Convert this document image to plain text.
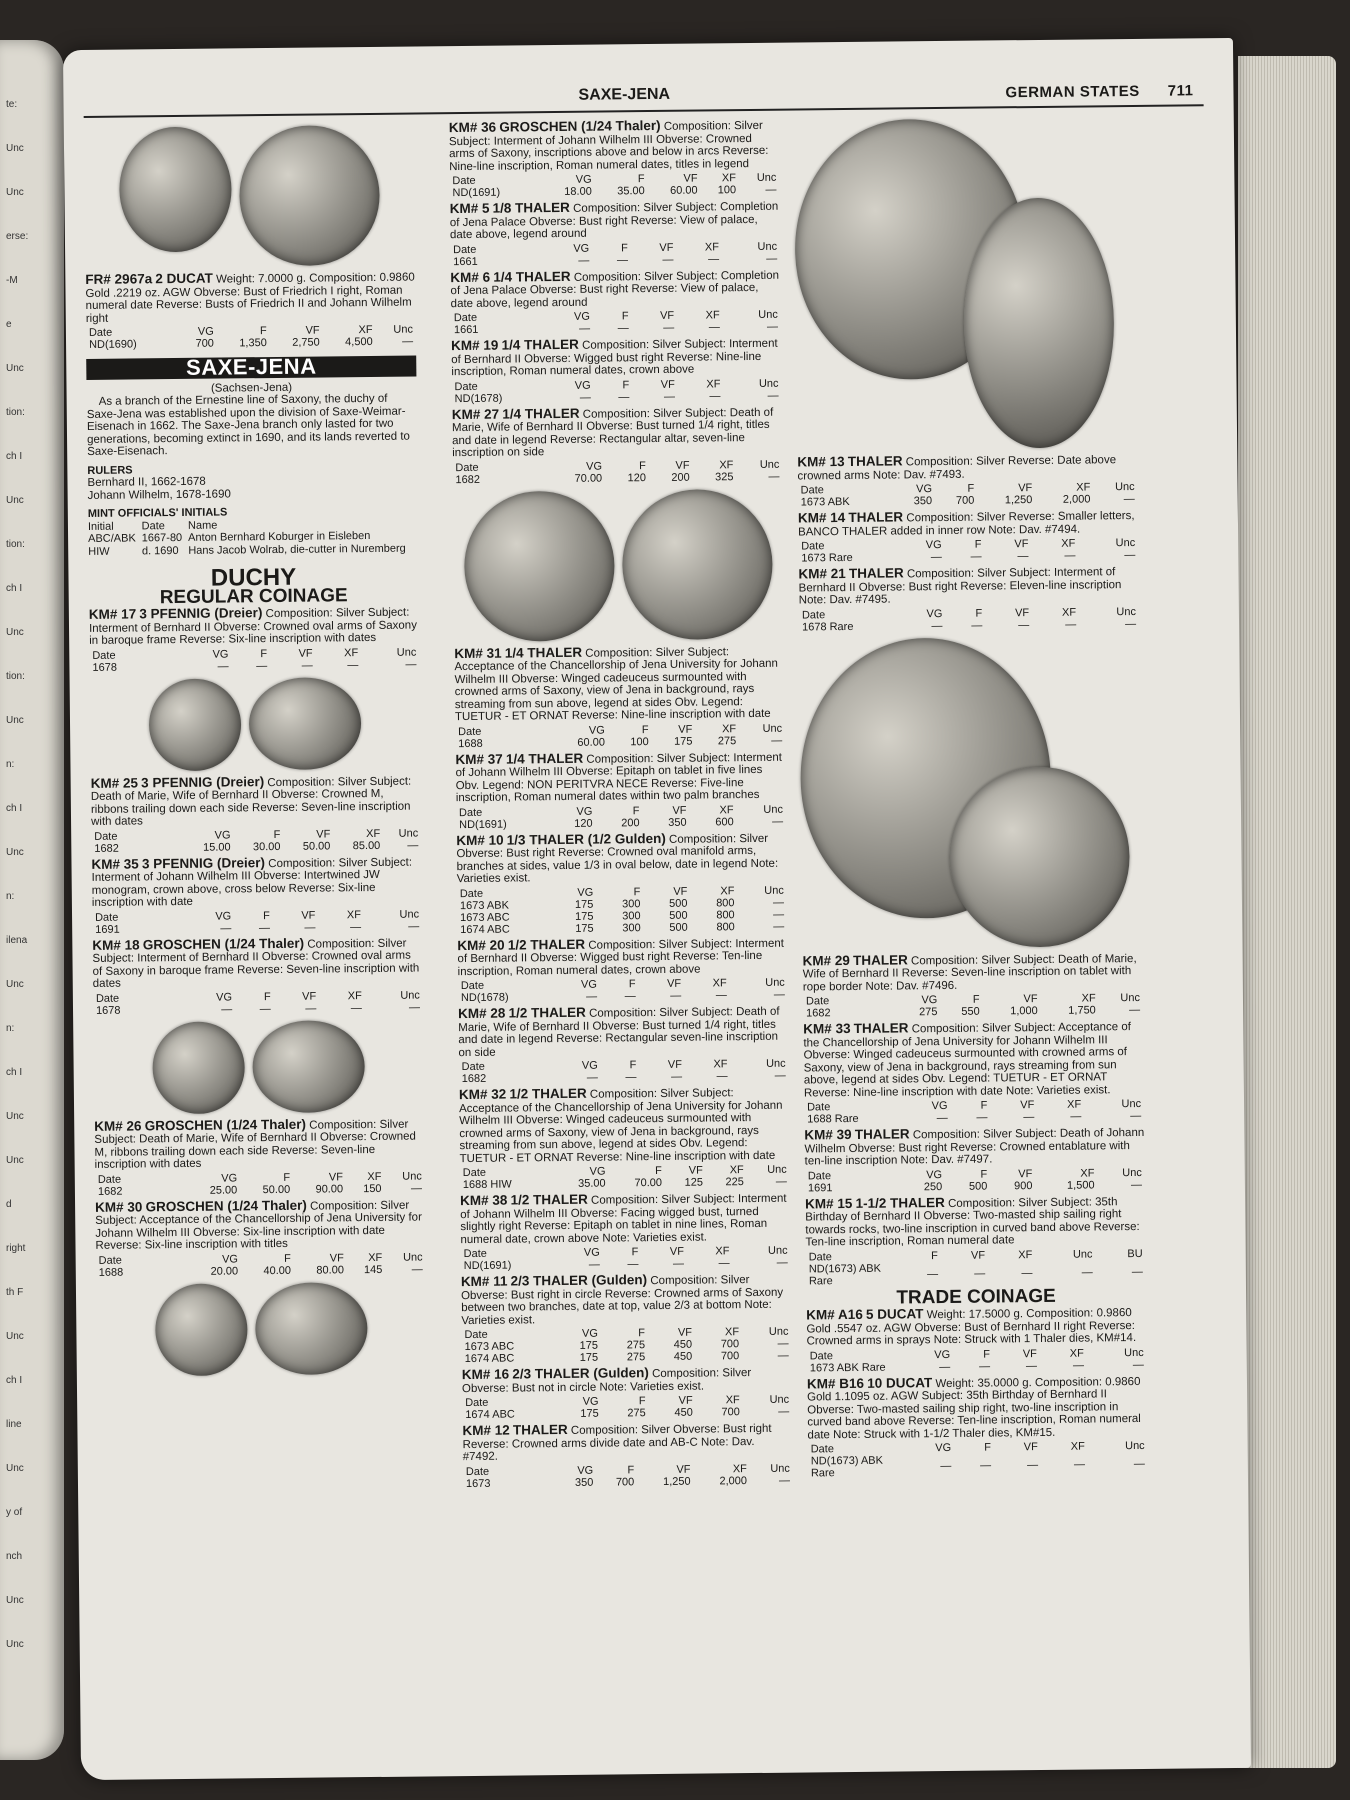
te:
Unc
Unc
erse:
-M
e
Unc
tion:
ch I
Unc
tion:
ch I
Unc
tion:
Unc
n:
ch I
Unc
n:
ilena
Unc
n:
ch I
Unc
Unc
d
right
th F
Unc
ch I
line
Unc
y of
nch
Unc
Unc
SAXE-JENA	GERMAN STATES 711
FR# 2967a 2 DUCAT Weight: 7.0000 g. Composition: 0.9860 Gold .2219 oz. AGW Obverse: Bust of Friedrich I right, Roman numeral date Reverse: Busts of Friedrich II and Johann Wilhelm right
Date	VG	F	VF	XF	Unc
ND(1690)	700	1,350	2,750	4,500	—
SAXE-JENA
(Sachsen-Jena)
As a branch of the Ernestine line of Saxony, the duchy of Saxe-Jena was established upon the division of Saxe-Weimar-Eisenach in 1662. The Saxe-Jena branch only lasted for two generations, becoming extinct in 1690, and its lands reverted to Saxe-Eisenach.
RULERS
Bernhard II, 1662-1678
Johann Wilhelm, 1678-1690
MINT OFFICIALS' INITIALS
Initial	Date	Name
ABC/ABK	1667-80	Anton Bernhard Koburger in Eisleben
HIW	d. 1690	Hans Jacob Wolrab, die-cutter in Nuremberg
DUCHY
REGULAR COINAGE
KM# 17 3 PFENNIG (Dreier) Composition: Silver Subject: Interment of Bernhard II Obverse: Crowned oval arms of Saxony in baroque frame Reverse: Six-line inscription with dates
Date	VG	F	VF	XF	Unc
1678	—	—	—	—	—
KM# 25 3 PFENNIG (Dreier) Composition: Silver Subject: Death of Marie, Wife of Bernhard II Obverse: Crowned M, ribbons trailing down each side Reverse: Seven-line inscription with dates
Date	VG	F	VF	XF	Unc
1682	15.00	30.00	50.00	85.00	—
KM# 35 3 PFENNIG (Dreier) Composition: Silver Subject: Interment of Johann Wilhelm III Obverse: Intertwined JW monogram, crown above, cross below Reverse: Six-line inscription with date
Date	VG	F	VF	XF	Unc
1691	—	—	—	—	—
KM# 18 GROSCHEN (1/24 Thaler) Composition: Silver Subject: Interment of Bernhard II Obverse: Crowned oval arms of Saxony in baroque frame Reverse: Seven-line inscription with dates
Date	VG	F	VF	XF	Unc
1678	—	—	—	—	—
KM# 26 GROSCHEN (1/24 Thaler) Composition: Silver Subject: Death of Marie, Wife of Bernhard II Obverse: Crowned M, ribbons trailing down each side Reverse: Seven-line inscription with dates
Date	VG	F	VF	XF	Unc
1682	25.00	50.00	90.00	150	—
KM# 30 GROSCHEN (1/24 Thaler) Composition: Silver Subject: Acceptance of the Chancellorship of Jena University for Johann Wilhelm III Obverse: Six-line inscription with date Reverse: Six-line inscription with titles
Date	VG	F	VF	XF	Unc
1688	20.00	40.00	80.00	145	—
KM# 36 GROSCHEN (1/24 Thaler) Composition: Silver Subject: Interment of Johann Wilhelm III Obverse: Crowned arms of Saxony, inscriptions above and below in arcs Reverse: Nine-line inscription, Roman numeral dates, titles in legend
Date	VG	F	VF	XF	Unc
ND(1691)	18.00	35.00	60.00	100	—
KM# 5 1/8 THALER Composition: Silver Subject: Completion of Jena Palace Obverse: Bust right Reverse: View of palace, date above, legend around
Date	VG	F	VF	XF	Unc
1661	—	—	—	—	—
KM# 6 1/4 THALER Composition: Silver Subject: Completion of Jena Palace Obverse: Bust right Reverse: View of palace, date above, legend around
Date	VG	F	VF	XF	Unc
1661	—	—	—	—	—
KM# 19 1/4 THALER Composition: Silver Subject: Interment of Bernhard II Obverse: Wigged bust right Reverse: Nine-line inscription, Roman numeral dates, crown above
Date	VG	F	VF	XF	Unc
ND(1678)	—	—	—	—	—
KM# 27 1/4 THALER Composition: Silver Subject: Death of Marie, Wife of Bernhard II Obverse: Bust turned 1/4 right, titles and date in legend Reverse: Rectangular altar, seven-line inscription on side
Date	VG	F	VF	XF	Unc
1682	70.00	120	200	325	—
KM# 31 1/4 THALER Composition: Silver Subject: Acceptance of the Chancellorship of Jena University for Johann Wilhelm III Obverse: Winged cadeuceus surmounted with crowned arms of Saxony, view of Jena in background, rays streaming from sun above, legend at sides Obv. Legend: TUETUR - ET ORNAT Reverse: Nine-line inscription with date
Date	VG	F	VF	XF	Unc
1688	60.00	100	175	275	—
KM# 37 1/4 THALER Composition: Silver Subject: Interment of Johann Wilhelm III Obverse: Epitaph on tablet in five lines Obv. Legend: NON PERITVRA NECE Reverse: Five-line inscription, Roman numeral dates within two palm branches
Date	VG	F	VF	XF	Unc
ND(1691)	120	200	350	600	—
KM# 10 1/3 THALER (1/2 Gulden) Composition: Silver Obverse: Bust right Reverse: Crowned oval manifold arms, branches at sides, value 1/3 in oval below, date in legend Note: Varieties exist.
Date	VG	F	VF	XF	Unc
1673 ABK	175	300	500	800	—
1673 ABC	175	300	500	800	—
1674 ABC	175	300	500	800	—
KM# 20 1/2 THALER Composition: Silver Subject: Interment of Bernhard II Obverse: Wigged bust right Reverse: Ten-line inscription, Roman numeral dates, crown above
Date	VG	F	VF	XF	Unc
ND(1678)	—	—	—	—	—
KM# 28 1/2 THALER Composition: Silver Subject: Death of Marie, Wife of Bernhard II Obverse: Bust turned 1/4 right, titles and date in legend Reverse: Rectangular seven-line inscription on side
Date	VG	F	VF	XF	Unc
1682	—	—	—	—	—
KM# 32 1/2 THALER Composition: Silver Subject: Acceptance of the Chancellorship of Jena University for Johann Wilhelm III Obverse: Winged cadeuceus surmounted with crowned arms of Saxony, view of Jena in background, rays streaming from sun above, legend at sides Obv. Legend: TUETUR - ET ORNAT Reverse: Nine-line inscription with date
Date	VG	F	VF	XF	Unc
1688 HIW	35.00	70.00	125	225	—
KM# 38 1/2 THALER Composition: Silver Subject: Interment of Johann Wilhelm III Obverse: Facing wigged bust, turned slightly right Reverse: Epitaph on tablet in nine lines, Roman numeral date, crown above Note: Varieties exist.
Date	VG	F	VF	XF	Unc
ND(1691)	—	—	—	—	—
KM# 11 2/3 THALER (Gulden) Composition: Silver Obverse: Bust right in circle Reverse: Crowned arms of Saxony between two branches, date at top, value 2/3 at bottom Note: Varieties exist.
Date	VG	F	VF	XF	Unc
1673 ABC	175	275	450	700	—
1674 ABC	175	275	450	700	—
KM# 16 2/3 THALER (Gulden) Composition: Silver Obverse: Bust not in circle Note: Varieties exist.
Date	VG	F	VF	XF	Unc
1674 ABC	175	275	450	700	—
KM# 12 THALER Composition: Silver Obverse: Bust right Reverse: Crowned arms divide date and AB-C Note: Dav. #7492.
Date	VG	F	VF	XF	Unc
1673	350	700	1,250	2,000	—
KM# 13 THALER Composition: Silver Reverse: Date above crowned arms Note: Dav. #7493.
Date	VG	F	VF	XF	Unc
1673 ABK	350	700	1,250	2,000	—
KM# 14 THALER Composition: Silver Reverse: Smaller letters, BANCO THALER added in inner row Note: Dav. #7494.
Date	VG	F	VF	XF	Unc
1673 Rare	—	—	—	—	—
KM# 21 THALER Composition: Silver Subject: Interment of Bernhard II Obverse: Bust right Reverse: Eleven-line inscription Note: Dav. #7495.
Date	VG	F	VF	XF	Unc
1678 Rare	—	—	—	—	—
KM# 29 THALER Composition: Silver Subject: Death of Marie, Wife of Bernhard II Reverse: Seven-line inscription on tablet with rope border Note: Dav. #7496.
Date	VG	F	VF	XF	Unc
1682	275	550	1,000	1,750	—
KM# 33 THALER Composition: Silver Subject: Acceptance of the Chancellorship of Jena University for Johann Wilhelm III Obverse: Winged cadeuceus surmounted with crowned arms of Saxony, view of Jena in background, rays streaming from sun above, legend at sides Obv. Legend: TUETUR - ET ORNAT Reverse: Nine-line inscription with date Note: Varieties exist.
Date	VG	F	VF	XF	Unc
1688 Rare	—	—	—	—	—
KM# 39 THALER Composition: Silver Subject: Death of Johann Wilhelm Obverse: Bust right Reverse: Crowned entablature with ten-line inscription Note: Dav. #7497.
Date	VG	F	VF	XF	Unc
1691	250	500	900	1,500	—
KM# 15 1-1/2 THALER Composition: Silver Subject: 35th Birthday of Bernhard II Obverse: Two-masted ship sailing right towards rocks, two-line inscription in curved band above Reverse: Ten-line inscription, Roman numeral date
Date	F	VF	XF	Unc	BU
ND(1673) ABK Rare	—	—	—	—	—
TRADE COINAGE
KM# A16 5 DUCAT Weight: 17.5000 g. Composition: 0.9860 Gold .5547 oz. AGW Obverse: Bust of Bernhard II right Reverse: Crowned arms in sprays Note: Struck with 1 Thaler dies, KM#14.
Date	VG	F	VF	XF	Unc
1673 ABK Rare	—	—	—	—	—
KM# B16 10 DUCAT Weight: 35.0000 g. Composition: 0.9860 Gold 1.1095 oz. AGW Subject: 35th Birthday of Bernhard II Obverse: Two-masted sailing ship right, two-line inscription in curved band above Reverse: Ten-line inscription, Roman numeral date Note: Struck with 1-1/2 Thaler dies, KM#15.
Date	VG	F	VF	XF	Unc
ND(1673) ABK Rare	—	—	—	—	—
